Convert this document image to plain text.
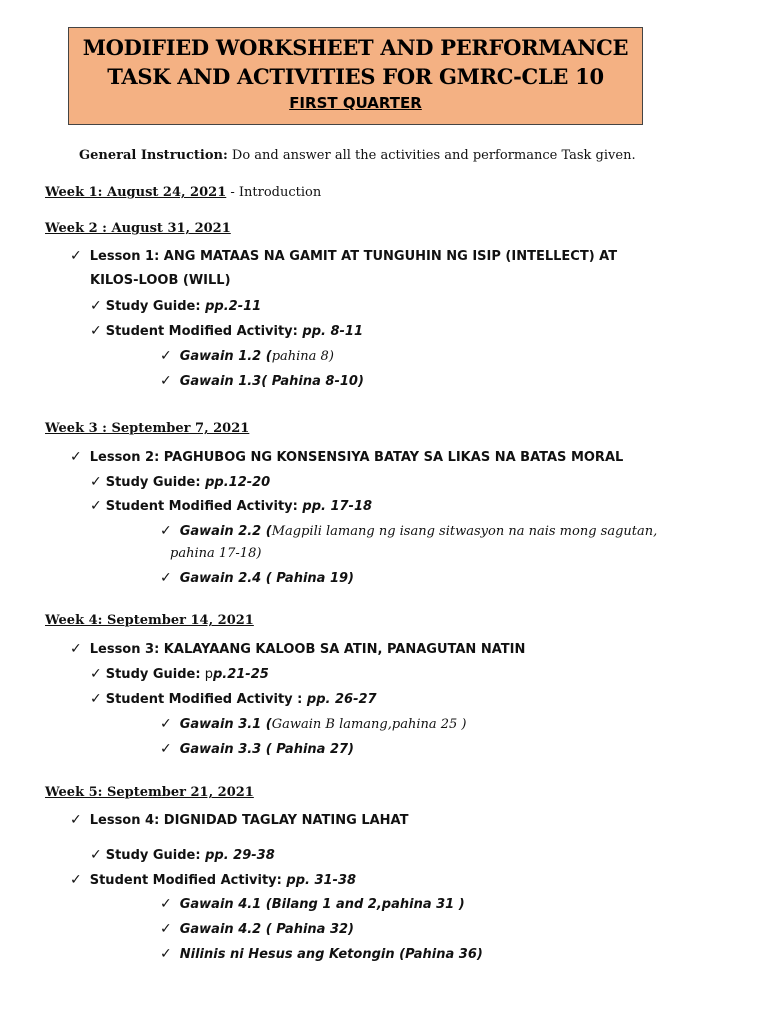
MODIFIED WORKSHEET AND PERFORMANCE
TASK AND ACTIVITIES FOR GMRC-CLE 10
FIRST QUARTER
General Instruction: Do and answer all the activities and performance Task given.
Week 1: August 24, 2021 - Introduction
Week 2 : August 31, 2021
✓ Lesson 1: ANG MATAAS NA GAMIT AT TUNGUHIN NG ISIP (INTELLECT) AT
KILOS-LOOB (WILL)
✓ Study Guide: pp.2-11
✓ Student Modified Activity: pp. 8-11
✓ Gawain 1.2 (pahina 8)
✓ Gawain 1.3( Pahina 8-10)
Week 3 : September 7, 2021
✓ Lesson 2: PAGHUBOG NG KONSENSIYA BATAY SA LIKAS NA BATAS MORAL
✓ Study Guide: pp.12-20
✓ Student Modified Activity: pp. 17-18
✓ Gawain 2.2 (Magpili lamang ng isang sitwasyon na nais mong sagutan,
pahina 17-18)
✓ Gawain 2.4 ( Pahina 19)
Week 4: September 14, 2021
✓ Lesson 3: KALAYAANG KALOOB SA ATIN, PANAGUTAN NATIN
✓ Study Guide: pp.21-25
✓ Student Modified Activity : pp. 26-27
✓ Gawain 3.1 (Gawain B lamang,pahina 25 )
✓ Gawain 3.3 ( Pahina 27)
Week 5: September 21, 2021
✓ Lesson 4: DIGNIDAD TAGLAY NATING LAHAT
✓ Study Guide: pp. 29-38
✓ Student Modified Activity: pp. 31-38
✓ Gawain 4.1 (Bilang 1 and 2,pahina 31 )
✓ Gawain 4.2 ( Pahina 32)
✓ Nilinis ni Hesus ang Ketongin (Pahina 36)
